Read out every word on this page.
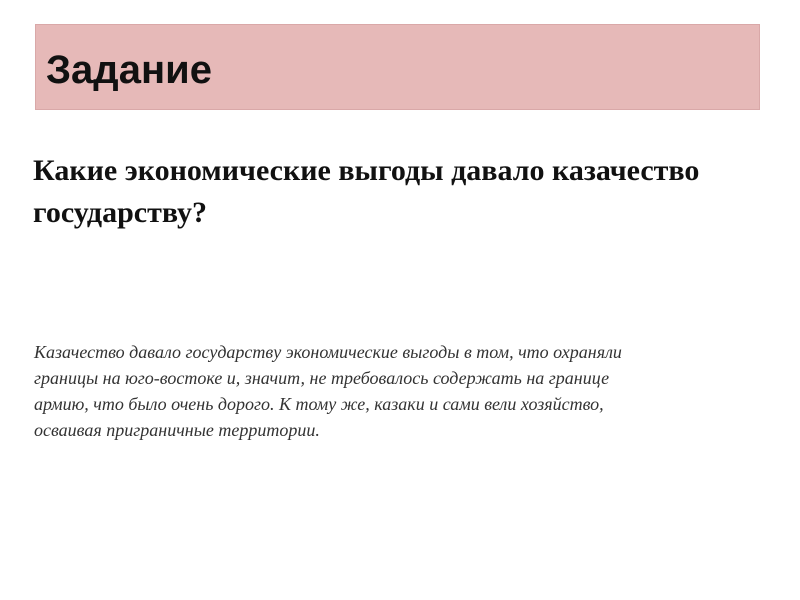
Задание

Какие экономические выгоды давало казачество государству?

Казачество давало государству экономические выгоды в том, что охраняли
границы на юго-востоке и, значит, не требовалось содержать на границе
армию, что было очень дорого. К тому же, казаки и сами вели хозяйство,
осваивая приграничные территории.
